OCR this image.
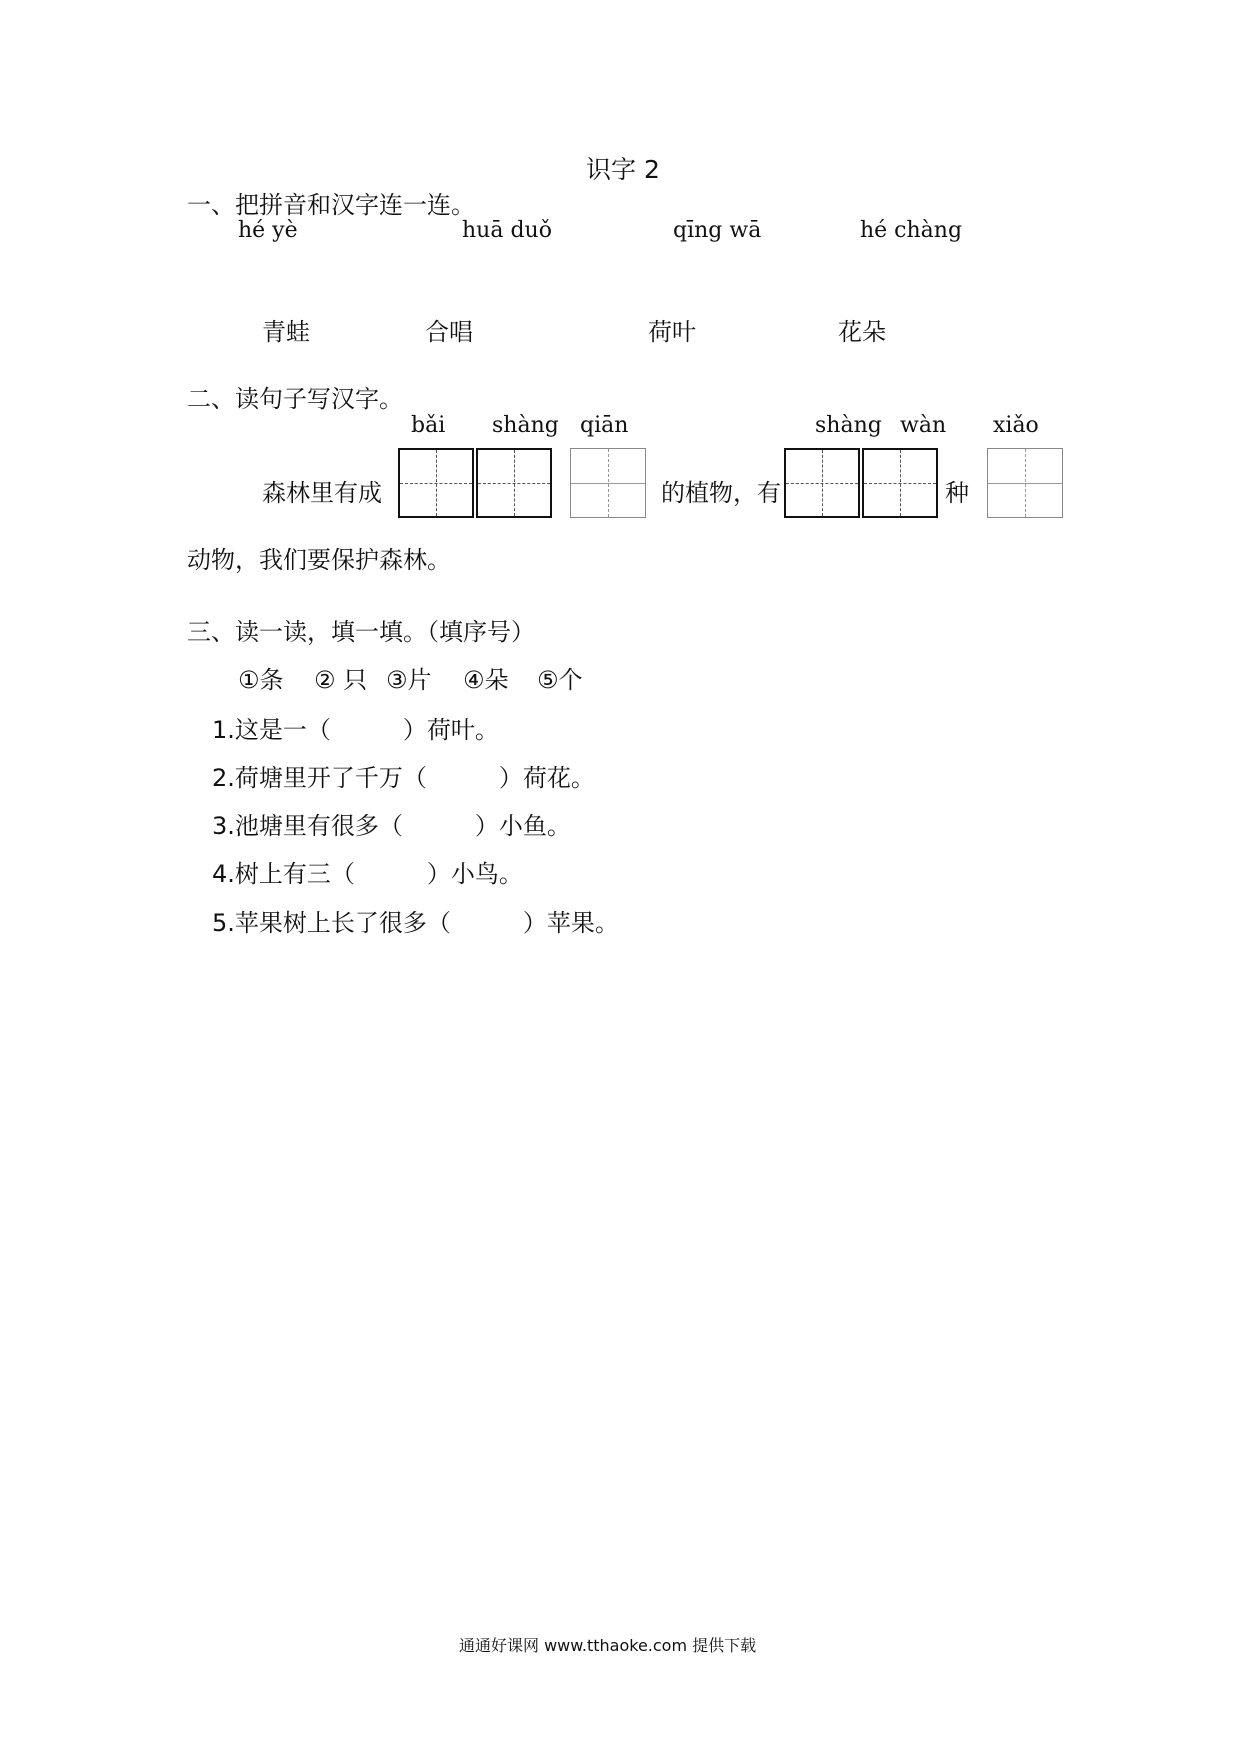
识字 2
一、把拼音和汉字连一连。
hé yè	huā duǒ	qīng wā	hé chàng
青蛙	合唱	荷叶	花朵
二、读句子写汉字。
bǎi shàng qiān	shàng wàn xiǎo
森林里有成	的植物，有	种
动物，我们要保护森林。
三、读一读，填一填。（填序号）
①条 ② 只 ③片 ④朵 ⑤个
1.这是一（	）荷叶。
2.荷塘里开了千万（	）荷花。
3.池塘里有很多（	）小鱼。
4.树上有三（	）小鸟。
5.苹果树上长了很多（	）苹果。
通通好课网 www.tthaoke.com 提供下载
